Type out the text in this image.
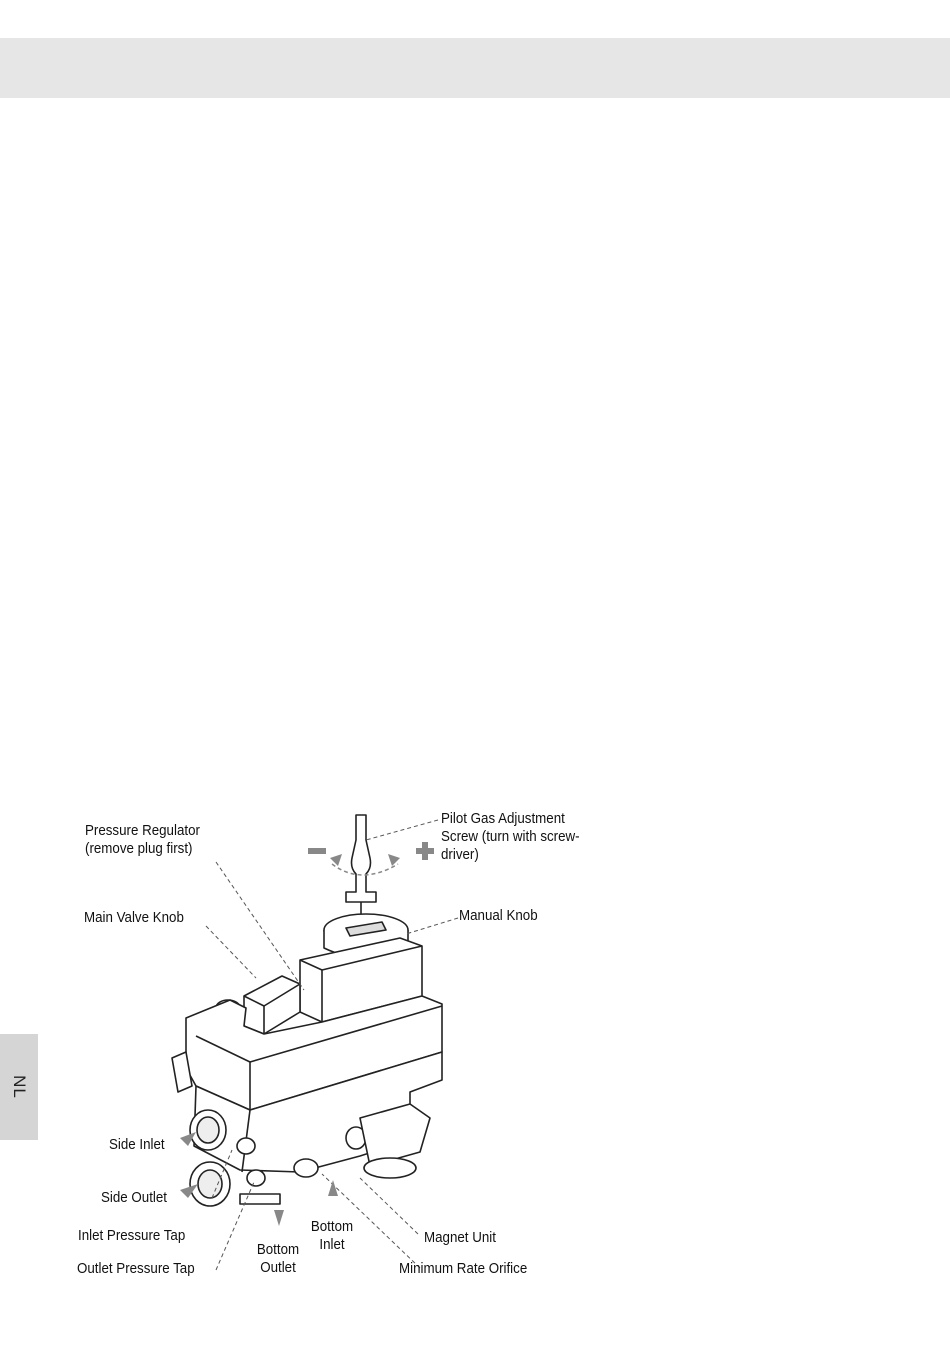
NL
Pressure Regulator
(remove plug first)
Pilot Gas Adjustment
Screw (turn with screw-
driver)
Main Valve Knob	Manual Knob
Side Inlet
Side Outlet
Inlet Pressure Tap
Outlet Pressure Tap
Bottom
Outlet
Bottom
Inlet	Magnet Unit
Minimum Rate Orifice
